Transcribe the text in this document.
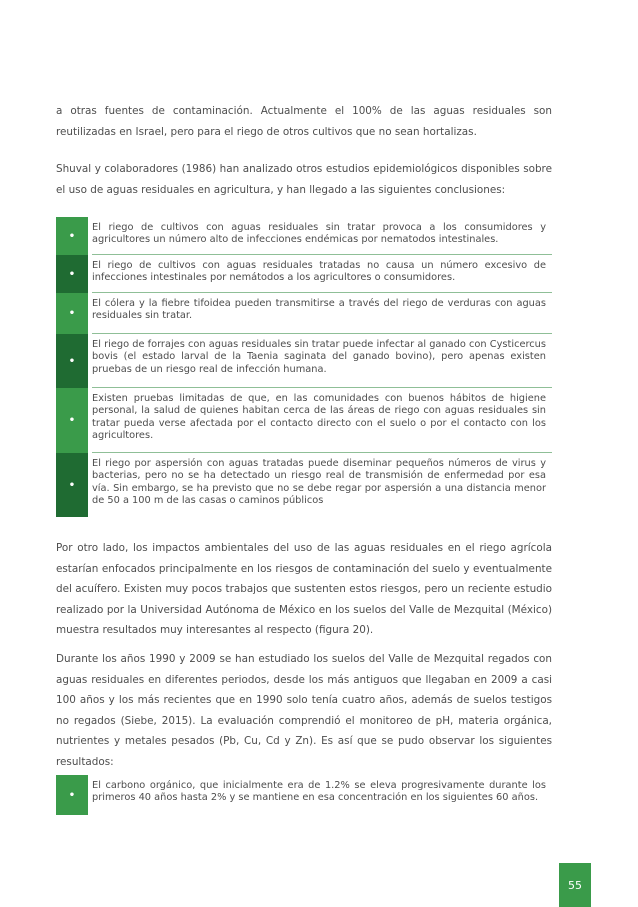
a otras fuentes de contaminación. Actualmente el 100% de las aguas residuales son reutilizadas en Israel, pero para el riego de otros cultivos que no sean hortalizas.

Shuval y colaboradores (1986) han analizado otros estudios epidemiológicos disponibles sobre el uso de aguas residuales en agricultura, y han llegado a las siguientes conclusiones:

•
El riego de cultivos con aguas residuales sin tratar provoca a los consumidores y agricultores un número alto de infecciones endémicas por nematodos intestinales.
•
El riego de cultivos con aguas residuales tratadas no causa un número excesivo de infecciones intestinales por nemátodos a los agricultores o consumidores.
•
El cólera y la fiebre tifoidea pueden transmitirse a través del riego de verduras con aguas residuales sin tratar.
•
El riego de forrajes con aguas residuales sin tratar puede infectar al ganado con Cysticercus bovis (el estado larval de la Taenia saginata del ganado bovino), pero apenas existen pruebas de un riesgo real de infección humana.
•
Existen pruebas limitadas de que, en las comunidades con buenos hábitos de higiene personal, la salud de quienes habitan cerca de las áreas de riego con aguas residuales sin tratar pueda verse afectada por el contacto directo con el suelo o por el contacto con los agricultores.
•
El riego por aspersión con aguas tratadas puede diseminar pequeños números de virus y bacterias, pero no se ha detectado un riesgo real de transmisión de enfermedad por esa vía. Sin embargo, se ha previsto que no se debe regar por aspersión a una distancia menor de 50 a 100 m de las casas o caminos públicos

Por otro lado, los impactos ambientales del uso de las aguas residuales en el riego agrícola estarían enfocados principalmente en los riesgos de contaminación del suelo y eventualmente del acuífero. Existen muy pocos trabajos que sustenten estos riesgos, pero un reciente estudio realizado por la Universidad Autónoma de México en los suelos del Valle de Mezquital (México) muestra resultados muy interesantes al respecto (figura 20).

Durante los años 1990 y 2009 se han estudiado los suelos del Valle de Mezquital regados con aguas residuales en diferentes periodos, desde los más antiguos que llegaban en 2009 a casi 100 años y los más recientes que en 1990 solo tenía cuatro años, además de suelos testigos no regados (Siebe, 2015). La evaluación comprendió el monitoreo de pH, materia orgánica, nutrientes y metales pesados (Pb, Cu, Cd y Zn). Es así que se pudo observar los siguientes resultados:

•
El carbono orgánico, que inicialmente era de 1.2% se eleva progresivamente durante los primeros 40 años hasta 2% y se mantiene en esa concentración en los siguientes 60 años.
55
